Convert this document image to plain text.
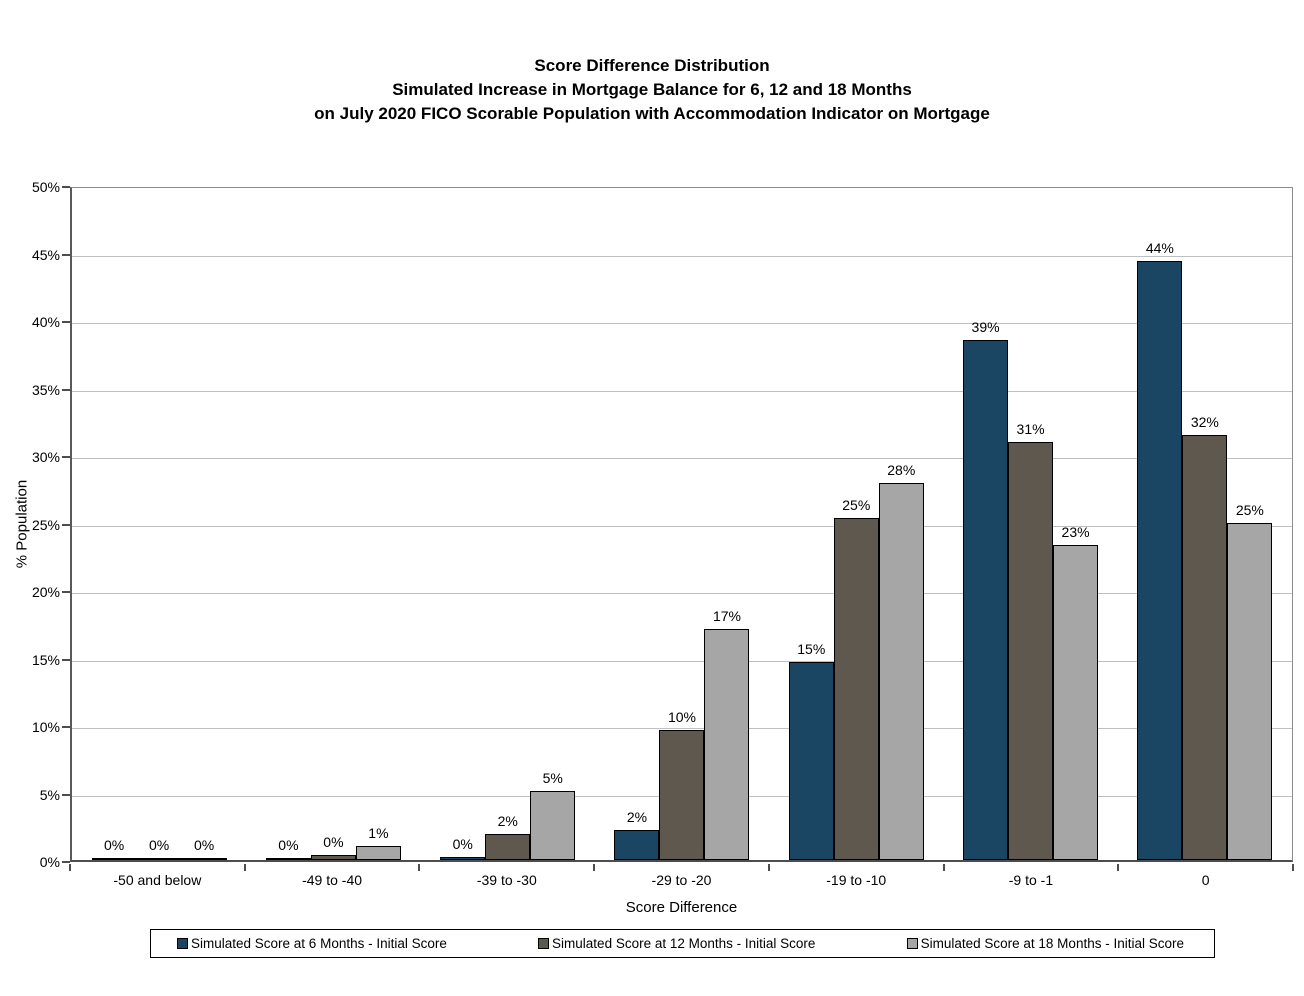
Score Difference Distribution
Simulated Increase in Mortgage Balance for 6, 12 and 18 Months
on July 2020 FICO Scorable Population with Accommodation Indicator on Mortgage
% Population
0% 0% 0%	0% 0%
1%
0%
2%
5%
2%
10%
17%
15%
25%
28%
39%
31%
23%
44%
32%
25%
0%
5%
10%
15%
20%
25%
30%
35%
40%
45%
50%
-50 and below	-49 to -40	-39 to -30	-29 to -20	-19 to -10	-9 to -1	0
Score Difference
Simulated Score at 6 Months - Initial Score	Simulated Score at 12 Months - Initial Score	Simulated Score at 18 Months - Initial Score
